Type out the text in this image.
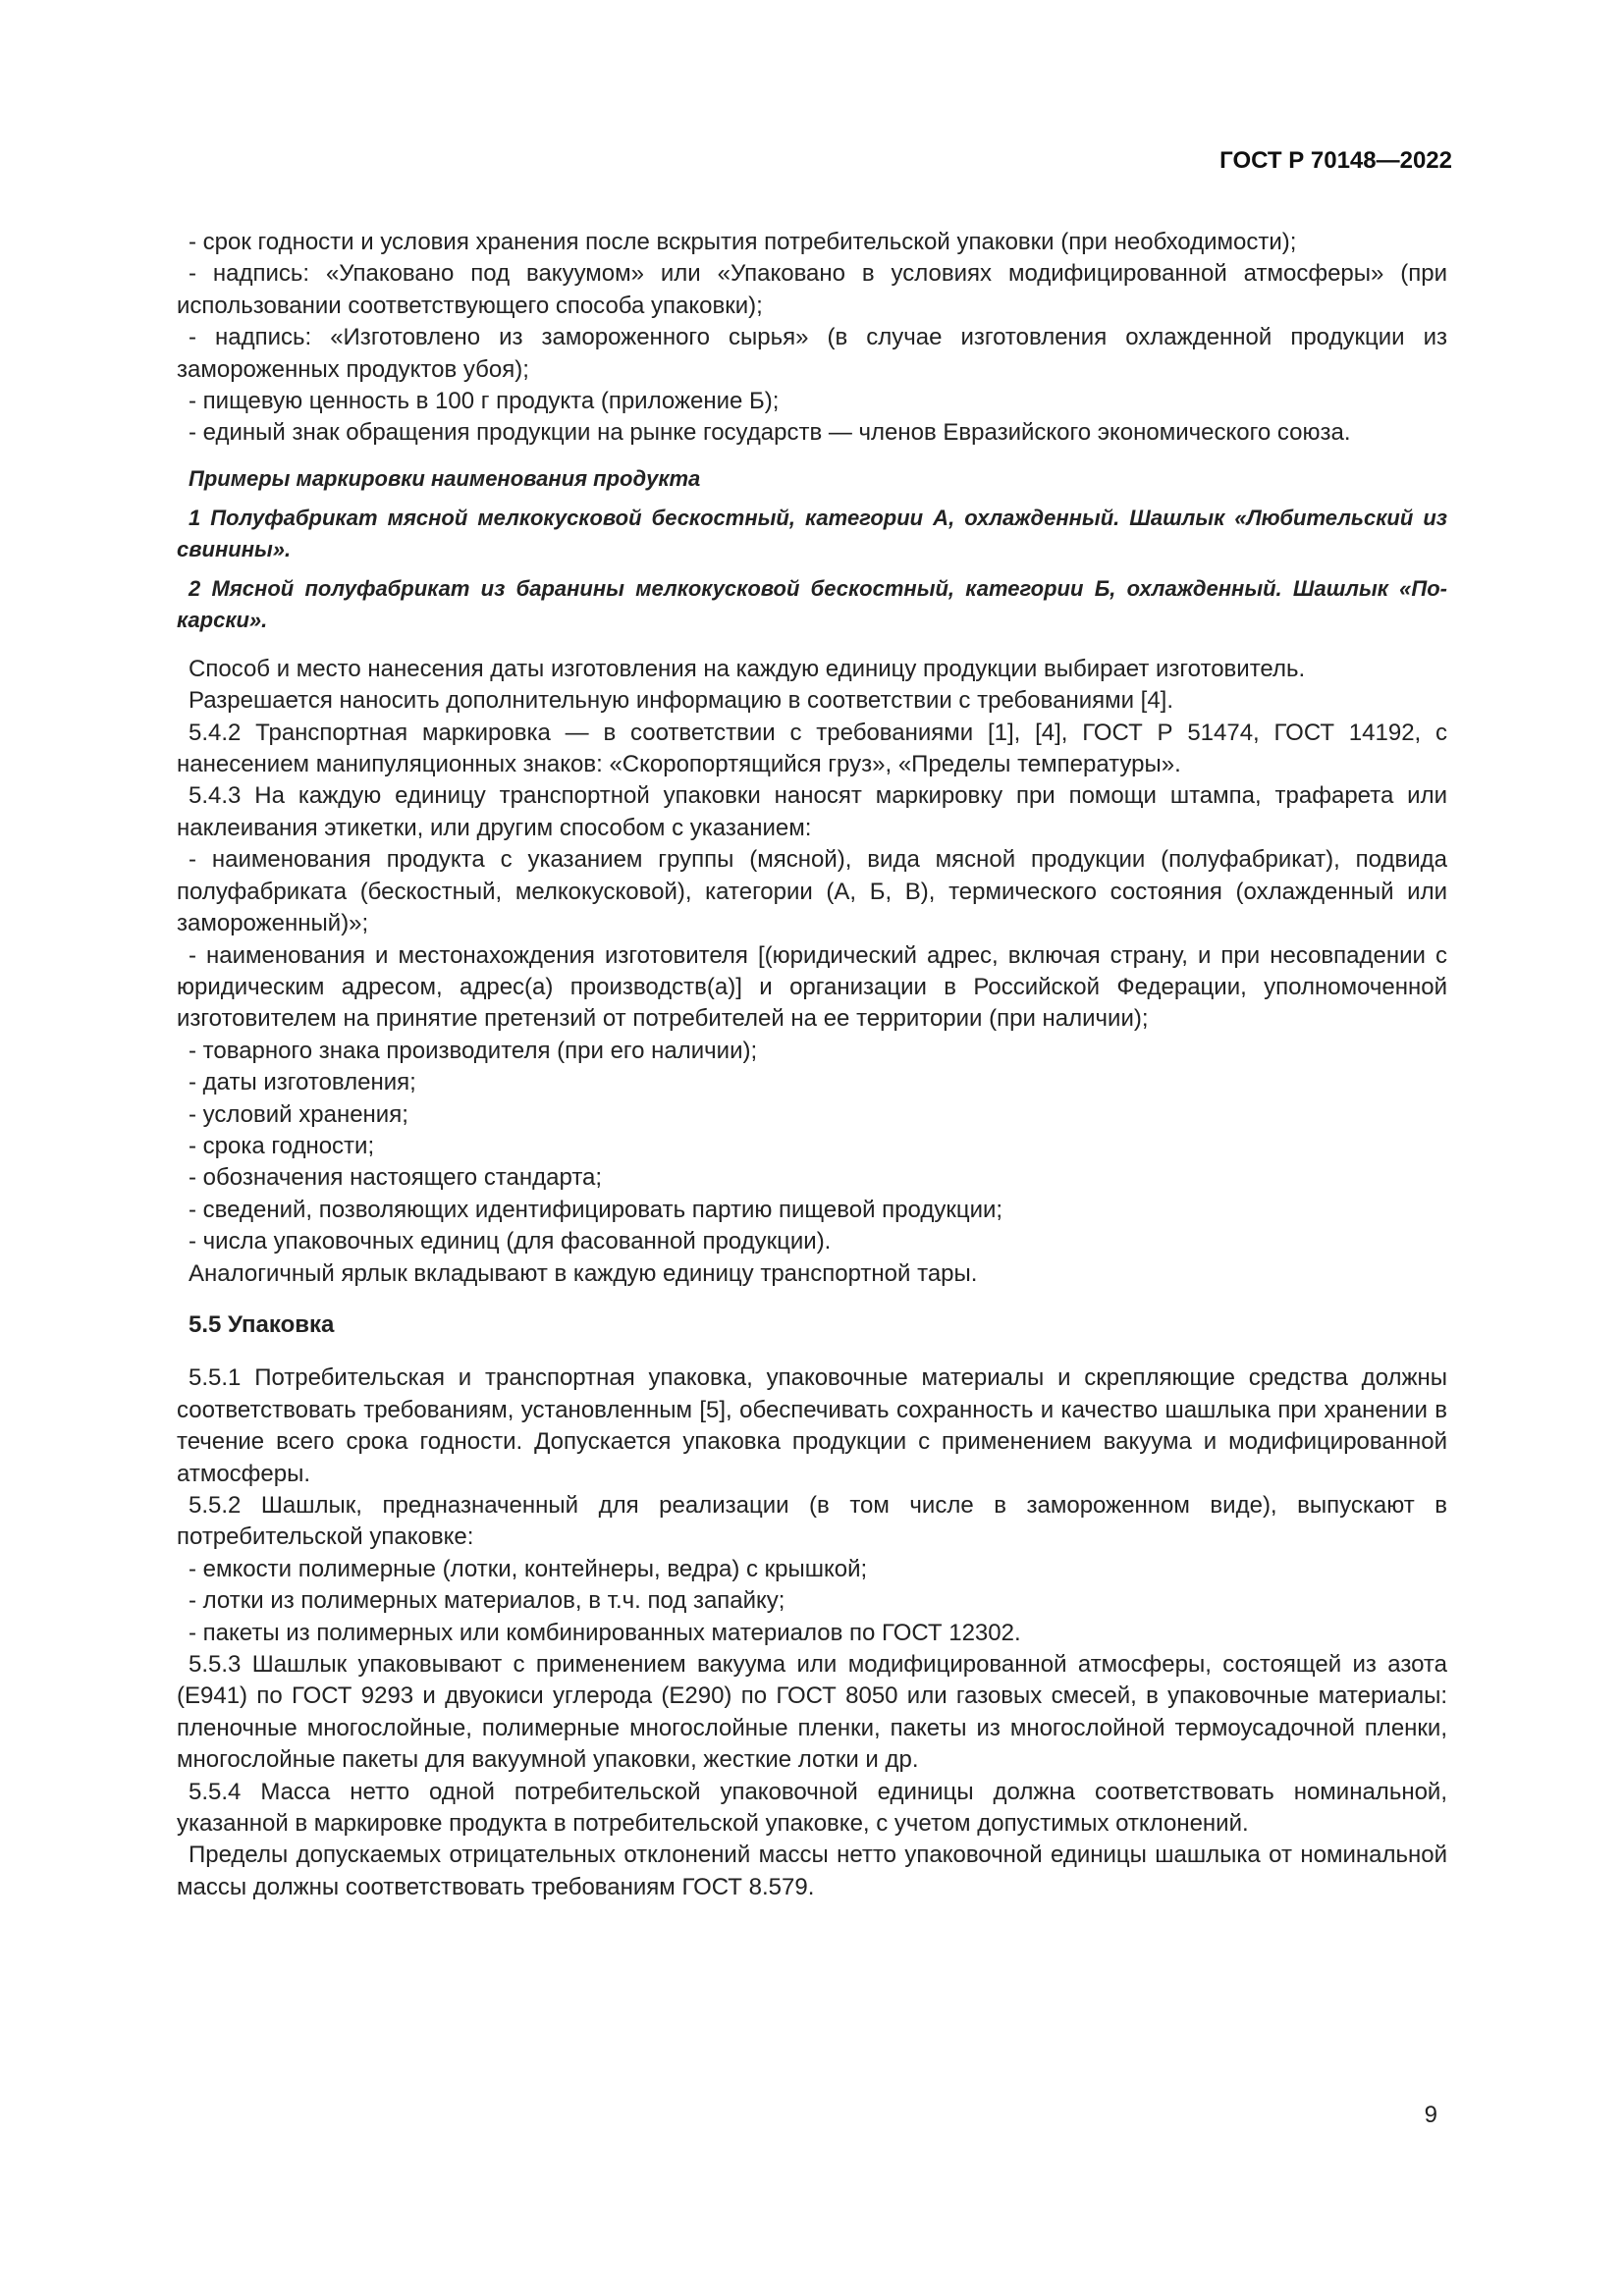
ГОСТ Р 70148—2022

- срок годности и условия хранения после вскрытия потребительской упаковки (при необходимости);

- надпись: «Упаковано под вакуумом» или «Упаковано в условиях модифицированной атмосферы» (при использовании соответствующего способа упаковки);

- надпись: «Изготовлено из замороженного сырья» (в случае изготовления охлажденной продукции из замороженных продуктов убоя);

- пищевую ценность в 100 г продукта (приложение Б);

- единый знак обращения продукции на рынке государств — членов Евразийского экономического союза.

Примеры маркировки наименования продукта

1 Полуфабрикат мясной мелкокусковой бескостный, категории А, охлажденный. Шашлык «Любительский из свинины».

2 Мясной полуфабрикат из баранины мелкокусковой бескостный, категории Б, охлажденный. Шашлык «По-карски».

Способ и место нанесения даты изготовления на каждую единицу продукции выбирает изготовитель.

Разрешается наносить дополнительную информацию в соответствии с требованиями [4].

5.4.2 Транспортная маркировка — в соответствии с требованиями [1], [4], ГОСТ Р 51474, ГОСТ 14192, с нанесением манипуляционных знаков: «Скоропортящийся груз», «Пределы температуры».

5.4.3 На каждую единицу транспортной упаковки наносят маркировку при помощи штампа, трафарета или наклеивания этикетки, или другим способом с указанием:

- наименования продукта с указанием группы (мясной), вида мясной продукции (полуфабрикат), подвида полуфабриката (бескостный, мелкокусковой), категории (А, Б, В), термического состояния (охлажденный или замороженный)»;

- наименования и местонахождения изготовителя [(юридический адрес, включая страну, и при несовпадении с юридическим адресом, адрес(а) производств(а)] и организации в Российской Федерации, уполномоченной изготовителем на принятие претензий от потребителей на ее территории (при наличии);

- товарного знака производителя (при его наличии);

- даты изготовления;

- условий хранения;

- срока годности;

- обозначения настоящего стандарта;

- сведений, позволяющих идентифицировать партию пищевой продукции;

- числа упаковочных единиц (для фасованной продукции).

Аналогичный ярлык вкладывают в каждую единицу транспортной тары.

5.5 Упаковка

5.5.1 Потребительская и транспортная упаковка, упаковочные материалы и скрепляющие средства должны соответствовать требованиям, установленным [5], обеспечивать сохранность и качество шашлыка при хранении в течение всего срока годности. Допускается упаковка продукции с применением вакуума и модифицированной атмосферы.

5.5.2 Шашлык, предназначенный для реализации (в том числе в замороженном виде), выпускают в потребительской упаковке:

- емкости полимерные (лотки, контейнеры, ведра) с крышкой;

- лотки из полимерных материалов, в т.ч. под запайку;

- пакеты из полимерных или комбинированных материалов по ГОСТ 12302.

5.5.3 Шашлык упаковывают с применением вакуума или модифицированной атмосферы, состоящей из азота (Е941) по ГОСТ 9293 и двуокиси углерода (Е290) по ГОСТ 8050 или газовых смесей, в упаковочные материалы: пленочные многослойные, полимерные многослойные пленки, пакеты из многослойной термоусадочной пленки, многослойные пакеты для вакуумной упаковки, жесткие лотки и др.

5.5.4 Масса нетто одной потребительской упаковочной единицы должна соответствовать номинальной, указанной в маркировке продукта в потребительской упаковке, с учетом допустимых отклонений.

Пределы допускаемых отрицательных отклонений массы нетто упаковочной единицы шашлыка от номинальной массы должны соответствовать требованиям ГОСТ 8.579.

9
